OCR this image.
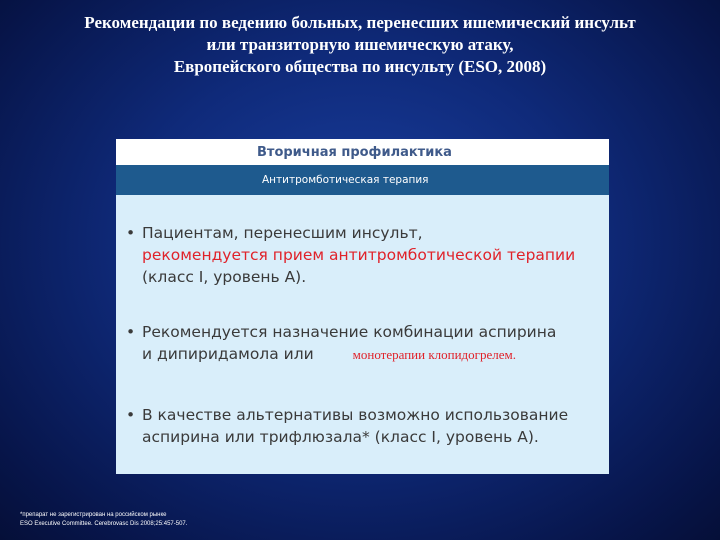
Рекомендации по ведению больных, перенесших ишемический инсульт
или транзиторную ишемическую атаку,
Европейского общества по инсульту (ESO, 2008)
Вторичная профилактика
Антитромботическая терапия
• Пациентам, перенесшим инсульт,
рекомендуется прием антитромботической терапии
(класс I, уровень А).
• Рекомендуется назначение комбинации аспирина
и дипиридамола или	монотерапии клопидогрелем.
• В качестве альтернативы возможно использование
аспирина или трифлюзала* (класс I, уровень А).
*препарат не зарегистрирован на российском рынке
ESO Executive Committee. Cerebrovasc Dis 2008;25:457-507.
